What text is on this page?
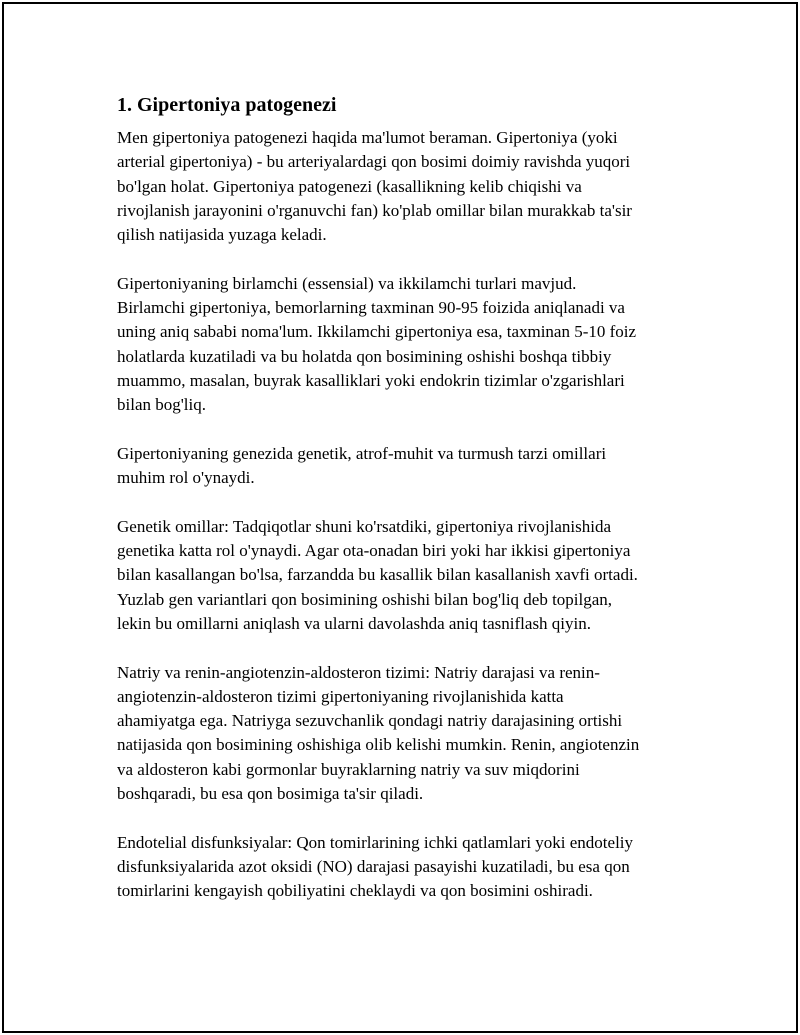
1. Gipertoniya patogenezi

Men gipertoniya patogenezi haqida ma'lumot beraman. Gipertoniya (yoki
arterial gipertoniya) - bu arteriyalardagi qon bosimi doimiy ravishda yuqori
bo'lgan holat. Gipertoniya patogenezi (kasallikning kelib chiqishi va
rivojlanish jarayonini o'rganuvchi fan) ko'plab omillar bilan murakkab ta'sir
qilish natijasida yuzaga keladi.

Gipertoniyaning birlamchi (essensial) va ikkilamchi turlari mavjud.
Birlamchi gipertoniya, bemorlarning taxminan 90-95 foizida aniqlanadi va
uning aniq sababi noma'lum. Ikkilamchi gipertoniya esa, taxminan 5-10 foiz
holatlarda kuzatiladi va bu holatda qon bosimining oshishi boshqa tibbiy
muammo, masalan, buyrak kasalliklari yoki endokrin tizimlar o'zgarishlari
bilan bog'liq.

Gipertoniyaning genezida genetik, atrof-muhit va turmush tarzi omillari
muhim rol o'ynaydi.

Genetik omillar: Tadqiqotlar shuni ko'rsatdiki, gipertoniya rivojlanishida
genetika katta rol o'ynaydi. Agar ota-onadan biri yoki har ikkisi gipertoniya
bilan kasallangan bo'lsa, farzandda bu kasallik bilan kasallanish xavfi ortadi.
Yuzlab gen variantlari qon bosimining oshishi bilan bog'liq deb topilgan,
lekin bu omillarni aniqlash va ularni davolashda aniq tasniflash qiyin.

Natriy va renin-angiotenzin-aldosteron tizimi: Natriy darajasi va renin-
angiotenzin-aldosteron tizimi gipertoniyaning rivojlanishida katta
ahamiyatga ega. Natriyga sezuvchanlik qondagi natriy darajasining ortishi
natijasida qon bosimining oshishiga olib kelishi mumkin. Renin, angiotenzin
va aldosteron kabi gormonlar buyraklarning natriy va suv miqdorini
boshqaradi, bu esa qon bosimiga ta'sir qiladi.

Endotelial disfunksiyalar: Qon tomirlarining ichki qatlamlari yoki endoteliy
disfunksiyalarida azot oksidi (NO) darajasi pasayishi kuzatiladi, bu esa qon
tomirlarini kengayish qobiliyatini cheklaydi va qon bosimini oshiradi.
